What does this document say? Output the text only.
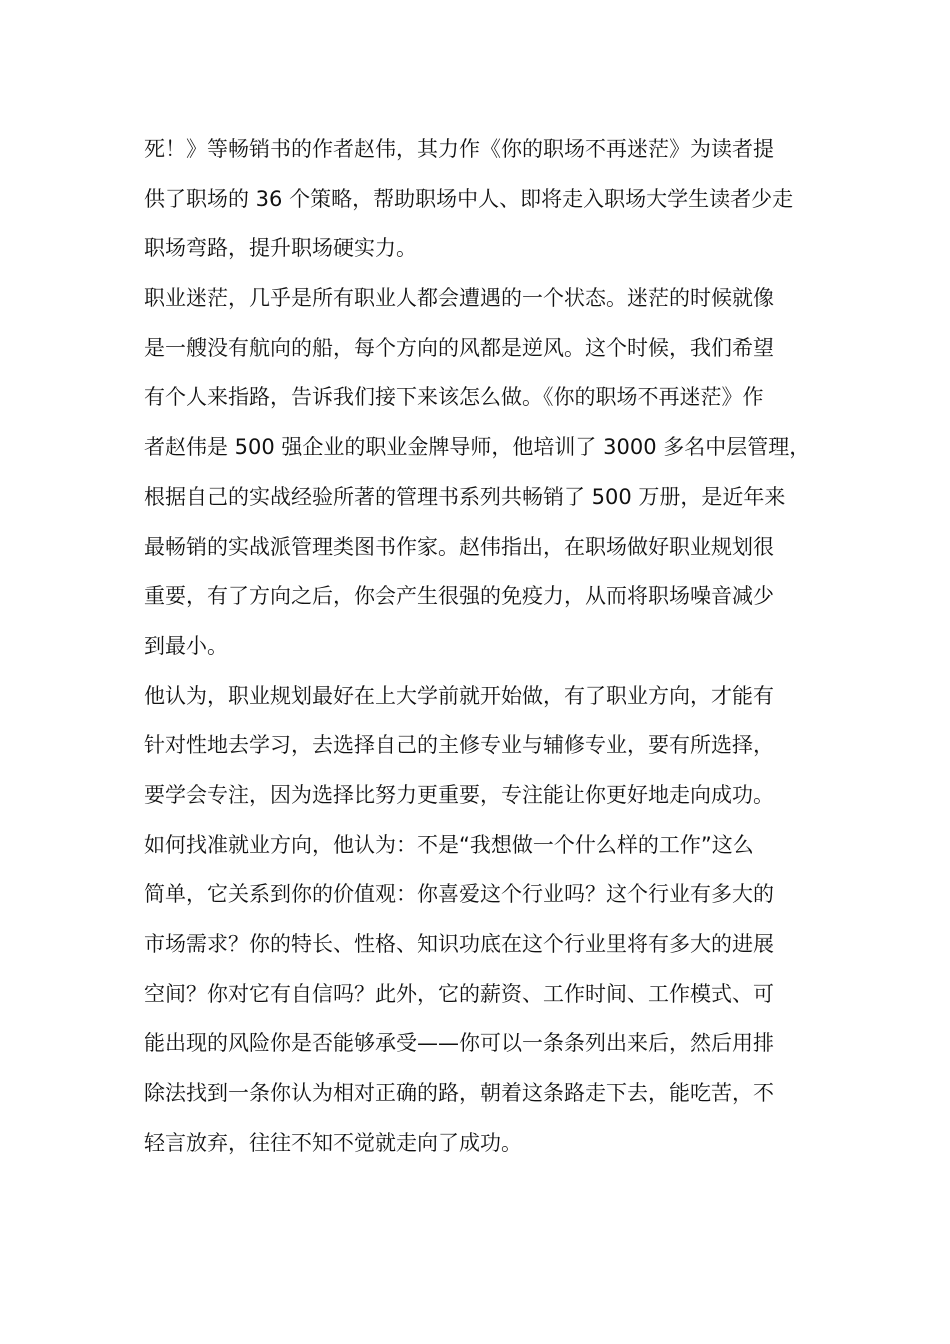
死！》等畅销书的作者赵伟，其力作《你的职场不再迷茫》为读者提
供了职场的 36 个策略，帮助职场中人、即将走入职场大学生读者少走
职场弯路，提升职场硬实力。
职业迷茫，几乎是所有职业人都会遭遇的一个状态。迷茫的时候就像
是一艘没有航向的船，每个方向的风都是逆风。这个时候，我们希望
有个人来指路，告诉我们接下来该怎么做。《你的职场不再迷茫》作
者赵伟是 500 强企业的职业金牌导师，他培训了 3000 多名中层管理，
根据自己的实战经验所著的管理书系列共畅销了 500 万册，是近年来
最畅销的实战派管理类图书作家。赵伟指出，在职场做好职业规划很
重要，有了方向之后，你会产生很强的免疫力，从而将职场噪音减少
到最小。
他认为，职业规划最好在上大学前就开始做，有了职业方向，才能有
针对性地去学习，去选择自己的主修专业与辅修专业，要有所选择，
要学会专注，因为选择比努力更重要，专注能让你更好地走向成功。
如何找准就业方向，他认为：不是“我想做一个什么样的工作”这么
简单，它关系到你的价值观：你喜爱这个行业吗？这个行业有多大的
市场需求？你的特长、性格、知识功底在这个行业里将有多大的进展
空间？你对它有自信吗？此外，它的薪资、工作时间、工作模式、可
能出现的风险你是否能够承受——你可以一条条列出来后，然后用排
除法找到一条你认为相对正确的路，朝着这条路走下去，能吃苦，不
轻言放弃，往往不知不觉就走向了成功。
